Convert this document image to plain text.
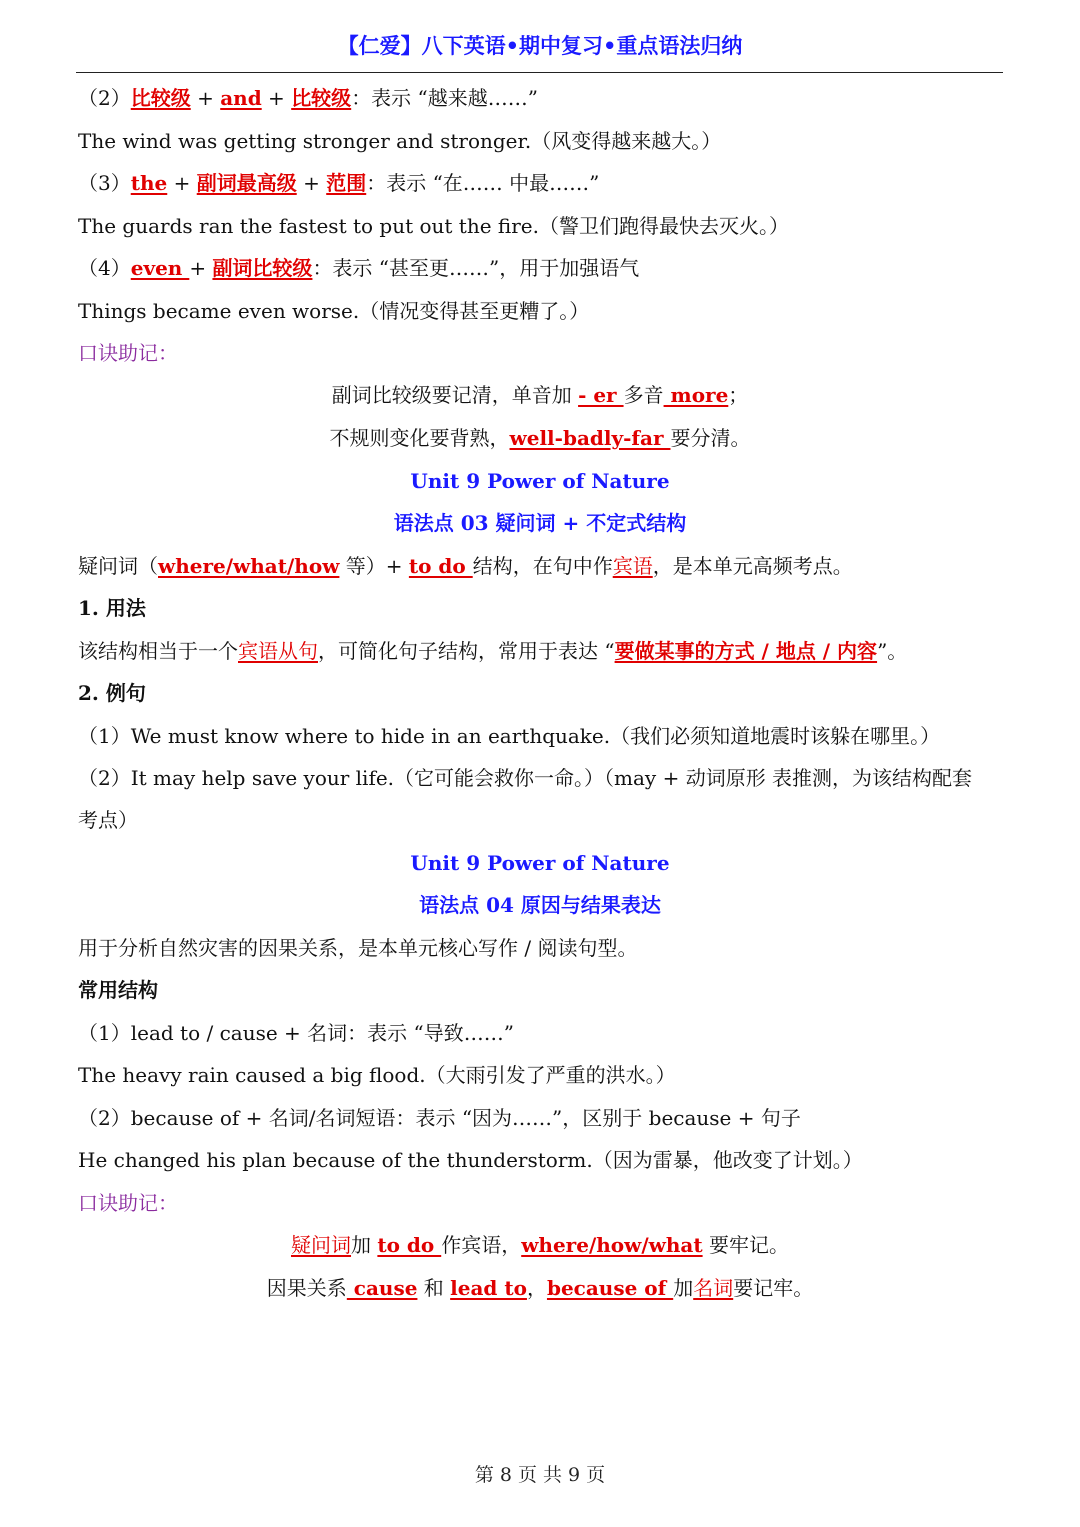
【仁爱】八下英语•期中复习•重点语法归纳
（2）比较级 + and + 比较级：表示 “越来越……”
The wind was getting stronger and stronger.（风变得越来越大。）
（3）the + 副词最高级 + 范围：表示 “在…… 中最……”
The guards ran the fastest to put out the fire.（警卫们跑得最快去灭火。）
（4）even + 副词比较级：表示 “甚至更……”，用于加强语气
Things became even worse.（情况变得甚至更糟了。）
口诀助记：
副词比较级要记清，单音加 - er 多音 more；
不规则变化要背熟，well-badly-far 要分清。
Unit 9 Power of Nature
语法点 03 疑问词 + 不定式结构
疑问词（where/what/how 等）+ to do 结构，在句中作宾语，是本单元高频考点。
1. 用法
该结构相当于一个宾语从句，可简化句子结构，常用于表达 “要做某事的方式 / 地点 / 内容”。
2. 例句
（1）We must know where to hide in an earthquake.（我们必须知道地震时该躲在哪里。）
（2）It may help save your life.（它可能会救你一命。）（may + 动词原形 表推测，为该结构配套
考点）
Unit 9 Power of Nature
语法点 04 原因与结果表达
用于分析自然灾害的因果关系，是本单元核心写作 / 阅读句型。
常用结构
（1）lead to / cause + 名词：表示 “导致……”
The heavy rain caused a big flood.（大雨引发了严重的洪水。）
（2）because of + 名词/名词短语：表示 “因为……”，区别于 because + 句子
He changed his plan because of the thunderstorm.（因为雷暴，他改变了计划。）
口诀助记：
疑问词加 to do 作宾语，where/how/what 要牢记。
因果关系 cause 和 lead to，because of 加名词要记牢。
第 8 页 共 9 页
